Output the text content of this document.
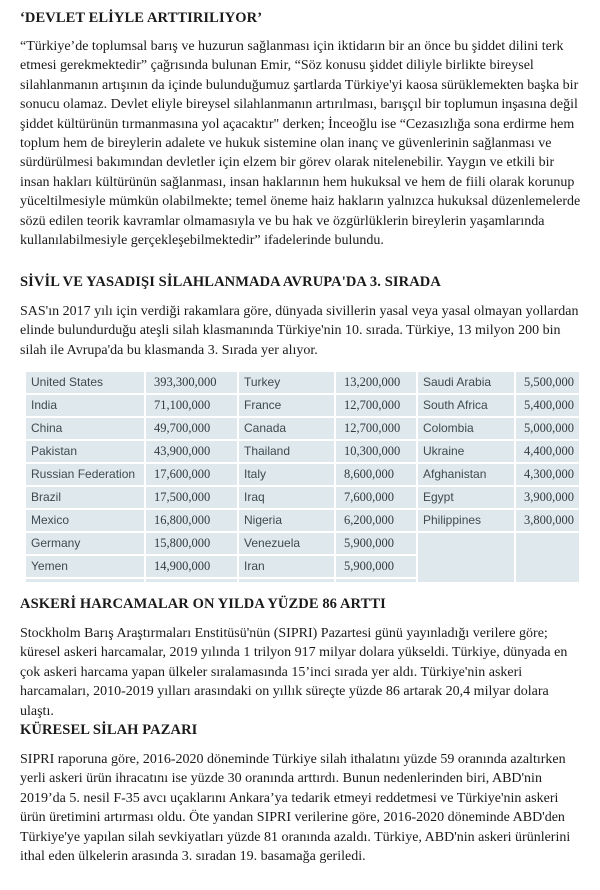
‘DEVLET ELİYLE ARTTIRILIYOR’

“Türkiye’de toplumsal barış ve huzurun sağlanması için iktidarın bir an önce bu şiddet dilini terk etmesi gerekmektedir” çağrısında bulunan Emir, “Söz konusu şiddet diliyle birlikte bireysel silahlanmanın artışının da içinde bulunduğumuz şartlarda Türkiye'yi kaosa sürüklemekten başka bir sonucu olamaz. Devlet eliyle bireysel silahlanmanın artırılması, barışçıl bir toplumun inşasına değil şiddet kültürünün tırmanmasına yol açacaktır" derken; İnceoğlu ise “Cezasızlığa sona erdirme hem toplum hem de bireylerin adalete ve hukuk sistemine olan inanç ve güvenlerinin sağlanması ve sürdürülmesi bakımından devletler için elzem bir görev olarak nitelenebilir. Yaygın ve etkili bir insan hakları kültürünün sağlanması, insan haklarının hem hukuksal ve hem de fiili olarak korunup yüceltilmesiyle mümkün olabilmekte; temel öneme haiz hakların yalnızca hukuksal düzenlemelerde sözü edilen teorik kavramlar olmamasıyla ve bu hak ve özgürlüklerin bireylerin yaşamlarında kullanılabilmesiyle gerçekleşebilmektedir” ifadelerinde bulundu.

SİVİL VE YASADIŞI SİLAHLANMADA AVRUPA'DA 3. SIRADA

SAS'ın 2017 yılı için verdiği rakamlara göre, dünyada sivillerin yasal veya yasal olmayan yollardan elinde bulundurduğu ateşli silah klasmanında Türkiye'nin 10. sırada. Türkiye, 13 milyon 200 bin silah ile Avrupa'da bu klasmanda 3. Sırada yer alıyor.

United States
India
China
Pakistan
Russian Federation
Brazil
Mexico
Germany
Yemen
393,300,000
71,100,000
49,700,000
43,900,000
17,600,000
17,500,000
16,800,000
15,800,000
14,900,000
Turkey
France
Canada
Thailand
Italy
Iraq
Nigeria
Venezuela
Iran
13,200,000
12,700,000
12,700,000
10,300,000
8,600,000
7,600,000
6,200,000
5,900,000
5,900,000
Saudi Arabia
South Africa
Colombia
Ukraine
Afghanistan
Egypt
Philippines
5,500,000
5,400,000
5,000,000
4,400,000
4,300,000
3,900,000
3,800,000
ASKERİ HARCAMALAR ON YILDA YÜZDE 86 ARTTI

Stockholm Barış Araştırmaları Enstitüsü'nün (SIPRI) Pazartesi günü yayınladığı verilere göre; küresel askeri harcamalar, 2019 yılında 1 trilyon 917 milyar dolara yükseldi. Türkiye, dünyada en çok askeri harcama yapan ülkeler sıralamasında 15’inci sırada yer aldı. Türkiye'nin askeri harcamaları, 2010-2019 yılları arasındaki on yıllık süreçte yüzde 86 artarak 20,4 milyar dolara ulaştı.

KÜRESEL SİLAH PAZARI

SIPRI raporuna göre, 2016-2020 döneminde Türkiye silah ithalatını yüzde 59 oranında azaltırken yerli askeri ürün ihracatını ise yüzde 30 oranında arttırdı. Bunun nedenlerinden biri, ABD'nin 2019’da 5. nesil F-35 avcı uçaklarını Ankara’ya tedarik etmeyi reddetmesi ve Türkiye'nin askeri ürün üretimini artırması oldu. Öte yandan SIPRI verilerine göre, 2016-2020 döneminde ABD'den Türkiye'ye yapılan silah sevkiyatları yüzde 81 oranında azaldı. Türkiye, ABD'nin askeri ürünlerini ithal eden ülkelerin arasında 3. sıradan 19. basamağa geriledi.
